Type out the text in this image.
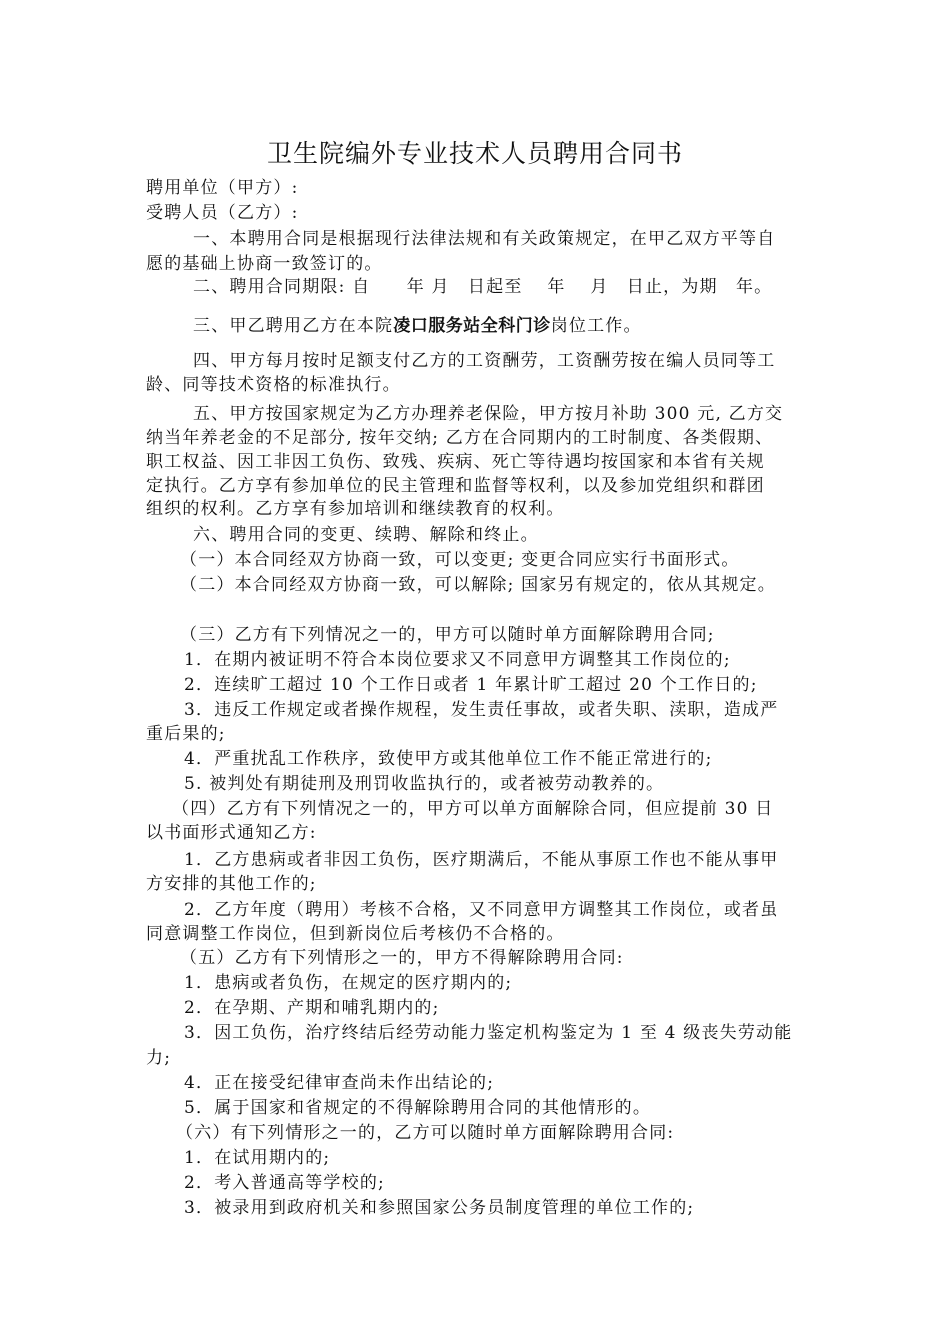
卫生院编外专业技术人员聘用合同书
聘用单位（甲方）:
受聘人员（乙方）:
一、本聘用合同是根据现行法律法规和有关政策规定，在甲乙双方平等自
愿的基础上协商一致签订的。
二、聘用合同期限: 自　　年 月　日起至　 年　 月　日止，为期　年。
三、甲乙聘用乙方在本院凌口服务站全科门诊岗位工作。
四、甲方每月按时足额支付乙方的工资酬劳，工资酬劳按在编人员同等工
龄、同等技术资格的标准执行。
五、甲方按国家规定为乙方办理养老保险，甲方按月补助 300 元, 乙方交
纳当年养老金的不足部分, 按年交纳; 乙方在合同期内的工时制度、各类假期、
职工权益、因工非因工负伤、致残、疾病、死亡等待遇均按国家和本省有关规
定执行。乙方享有参加单位的民主管理和监督等权利，以及参加党组织和群团
组织的权利。乙方享有参加培训和继续教育的权利。
六、聘用合同的变更、续聘、解除和终止。
（一）本合同经双方协商一致，可以变更; 变更合同应实行书面形式。
（二）本合同经双方协商一致，可以解除; 国家另有规定的，依从其规定。
（三）乙方有下列情况之一的，甲方可以随时单方面解除聘用合同;
1．在期内被证明不符合本岗位要求又不同意甲方调整其工作岗位的;
2．连续旷工超过 10 个工作日或者 1 年累计旷工超过 20 个工作日的;
3．违反工作规定或者操作规程，发生责任事故，或者失职、渎职，造成严
重后果的;
4．严重扰乱工作秩序，致使甲方或其他单位工作不能正常进行的;
5. 被判处有期徒刑及刑罚收监执行的，或者被劳动教养的。
（四）乙方有下列情况之一的，甲方可以单方面解除合同，但应提前 30 日
以书面形式通知乙方:
1．乙方患病或者非因工负伤，医疗期满后，不能从事原工作也不能从事甲
方安排的其他工作的;
2．乙方年度（聘用）考核不合格，又不同意甲方调整其工作岗位，或者虽
同意调整工作岗位，但到新岗位后考核仍不合格的。
（五）乙方有下列情形之一的，甲方不得解除聘用合同:
1．患病或者负伤，在规定的医疗期内的;
2．在孕期、产期和哺乳期内的;
3．因工负伤，治疗终结后经劳动能力鉴定机构鉴定为 1 至 4 级丧失劳动能
力;
4．正在接受纪律审查尚未作出结论的;
5．属于国家和省规定的不得解除聘用合同的其他情形的。
（六）有下列情形之一的，乙方可以随时单方面解除聘用合同:
1．在试用期内的;
2．考入普通高等学校的;
3．被录用到政府机关和参照国家公务员制度管理的单位工作的;
